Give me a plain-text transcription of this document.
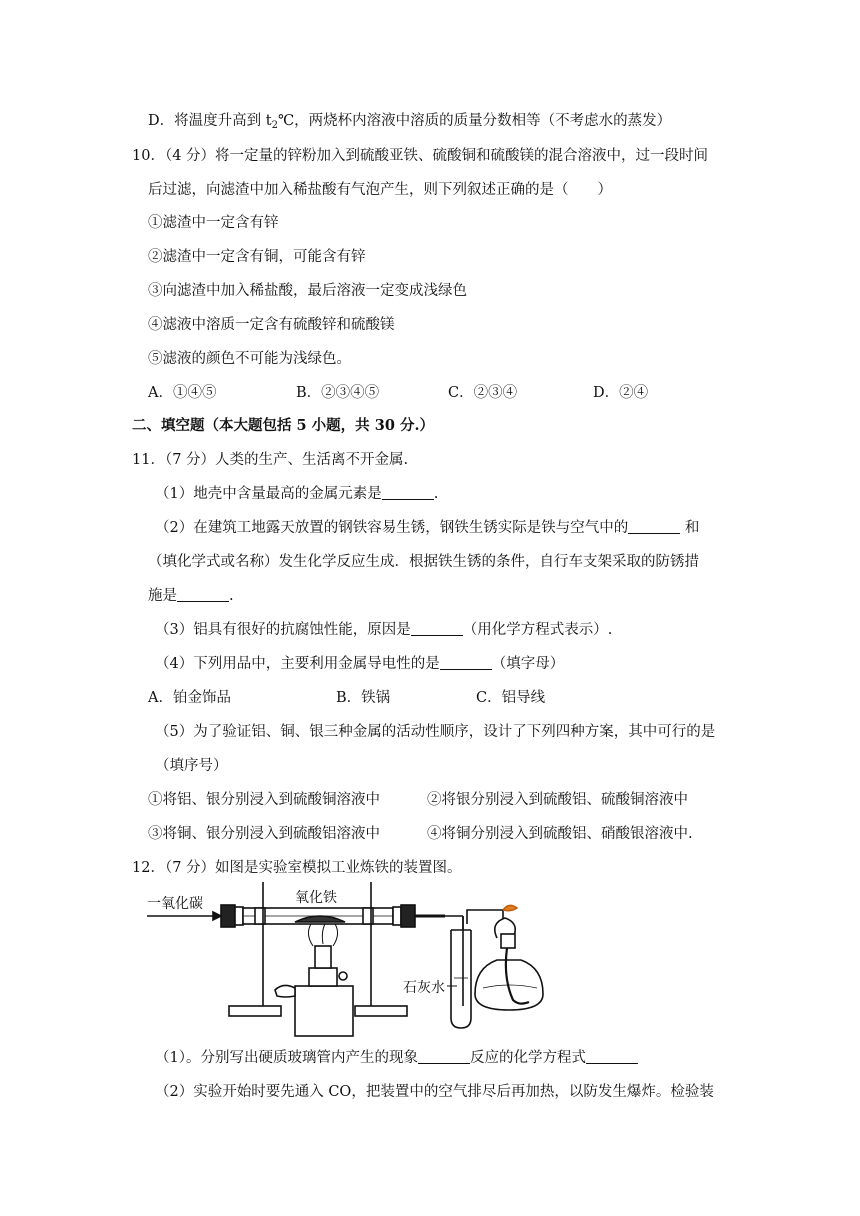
D．将温度升高到 $t_2℃$，两烧杯内溶液中溶质的质量分数相等（不考虑水的蒸发）
10．（4 分）将一定量的锌粉加入到硫酸亚铁、硫酸铜和硫酸镁的混合溶液中，过一段时间
后过滤，向滤渣中加入稀盐酸有气泡产生，则下列叙述正确的是（　　）
①滤渣中一定含有锌
②滤渣中一定含有铜，可能含有锌
③向滤渣中加入稀盐酸，最后溶液一定变成浅绿色
④滤液中溶质一定含有硫酸锌和硫酸镁
⑤滤液的颜色不可能为浅绿色。
A．①④⑤	B．②③④⑤	C．②③④	D．②④
二、填空题（本大题包括 5 小题，共 30 分.）
11．（7 分）人类的生产、生活离不开金属.
（1）地壳中含量最高的金属元素是	.
（2）在建筑工地露天放置的钢铁容易生锈，钢铁生锈实际是铁与空气中的	和
（填化学式或名称）发生化学反应生成．根据铁生锈的条件，自行车支架采取的防锈措
施是	.
（3）铝具有很好的抗腐蚀性能，原因是	（用化学方程式表示）.
（4）下列用品中，主要利用金属导电性的是	（填字母）
A．铂金饰品	B．铁锅	C．铝导线
（5）为了验证铝、铜、银三种金属的活动性顺序，设计了下列四种方案，其中可行的是
（填序号）
①将铝、银分别浸入到硫酸铜溶液中	②将银分别浸入到硫酸铝、硫酸铜溶液中
③将铜、银分别浸入到硫酸铝溶液中	④将铜分别浸入到硫酸铝、硝酸银溶液中.
12．（7 分）如图是实验室模拟工业炼铁的装置图。
一氧化碳	氧化铁
石灰水
（1）。分别写出硬质玻璃管内产生的现象	反应的化学方程式
（2）实验开始时要先通入 CO，把装置中的空气排尽后再加热，以防发生爆炸。检验装
